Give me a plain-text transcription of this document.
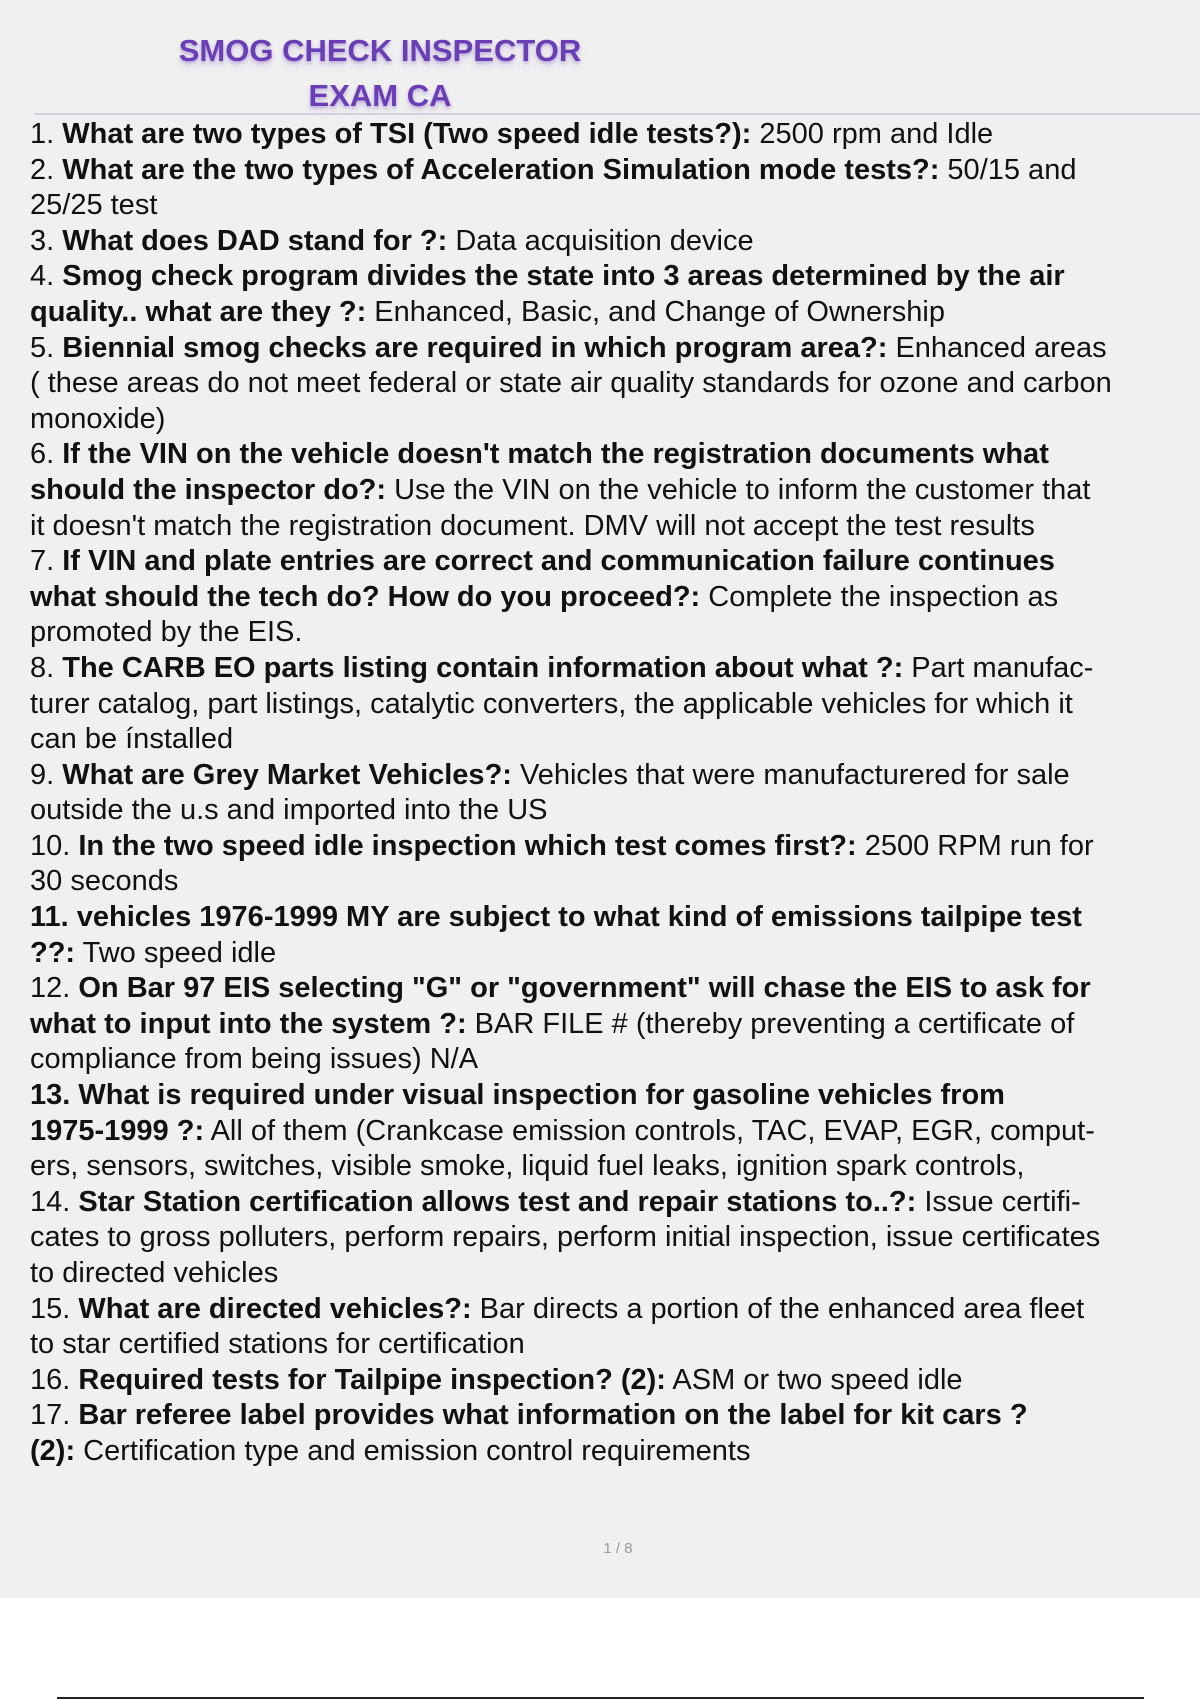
SMOG CHECK INSPECTOR
EXAM CA
1. What are two types of TSI (Two speed idle tests?): 2500 rpm and Idle
2. What are the two types of Acceleration Simulation mode tests?: 50/15 and
25/25 test
3. What does DAD stand for ?: Data acquisition device
4. Smog check program divides the state into 3 areas determined by the air
quality.. what are they ?: Enhanced, Basic, and Change of Ownership
5. Biennial smog checks are required in which program area?: Enhanced areas
( these areas do not meet federal or state air quality standards for ozone and carbon
monoxide)
6. If the VIN on the vehicle doesn't match the registration documents what
should the inspector do?: Use the VIN on the vehicle to inform the customer that
it doesn't match the registration document. DMV will not accept the test results
7. If VIN and plate entries are correct and communication failure continues
what should the tech do? How do you proceed?: Complete the inspection as
promoted by the EIS.
8. The CARB EO parts listing contain information about what ?: Part manufac-
turer catalog, part listings, catalytic converters, the applicable vehicles for which it
can be ínstalled
9. What are Grey Market Vehicles?: Vehicles that were manufacturered for sale
outside the u.s and imported into the US
10. In the two speed idle inspection which test comes first?: 2500 RPM run for
30 seconds
11. vehicles 1976-1999 MY are subject to what kind of emissions tailpipe test
??: Two speed idle
12. On Bar 97 EIS selecting "G" or "government" will chase the EIS to ask for
what to input into the system ?: BAR FILE # (thereby preventing a certificate of
compliance from being issues) N/A
13. What is required under visual inspection for gasoline vehicles from
1975-1999 ?: All of them (Crankcase emission controls, TAC, EVAP, EGR, comput-
ers, sensors, switches, visible smoke, liquid fuel leaks, ignition spark controls,
14. Star Station certification allows test and repair stations to..?: Issue certifi-
cates to gross polluters, perform repairs, perform initial inspection, issue certificates
to directed vehicles
15. What are directed vehicles?: Bar directs a portion of the enhanced area fleet
to star certified stations for certification
16. Required tests for Tailpipe inspection? (2): ASM or two speed idle
17. Bar referee label provides what information on the label for kit cars ?
(2): Certification type and emission control requirements
1 / 8
